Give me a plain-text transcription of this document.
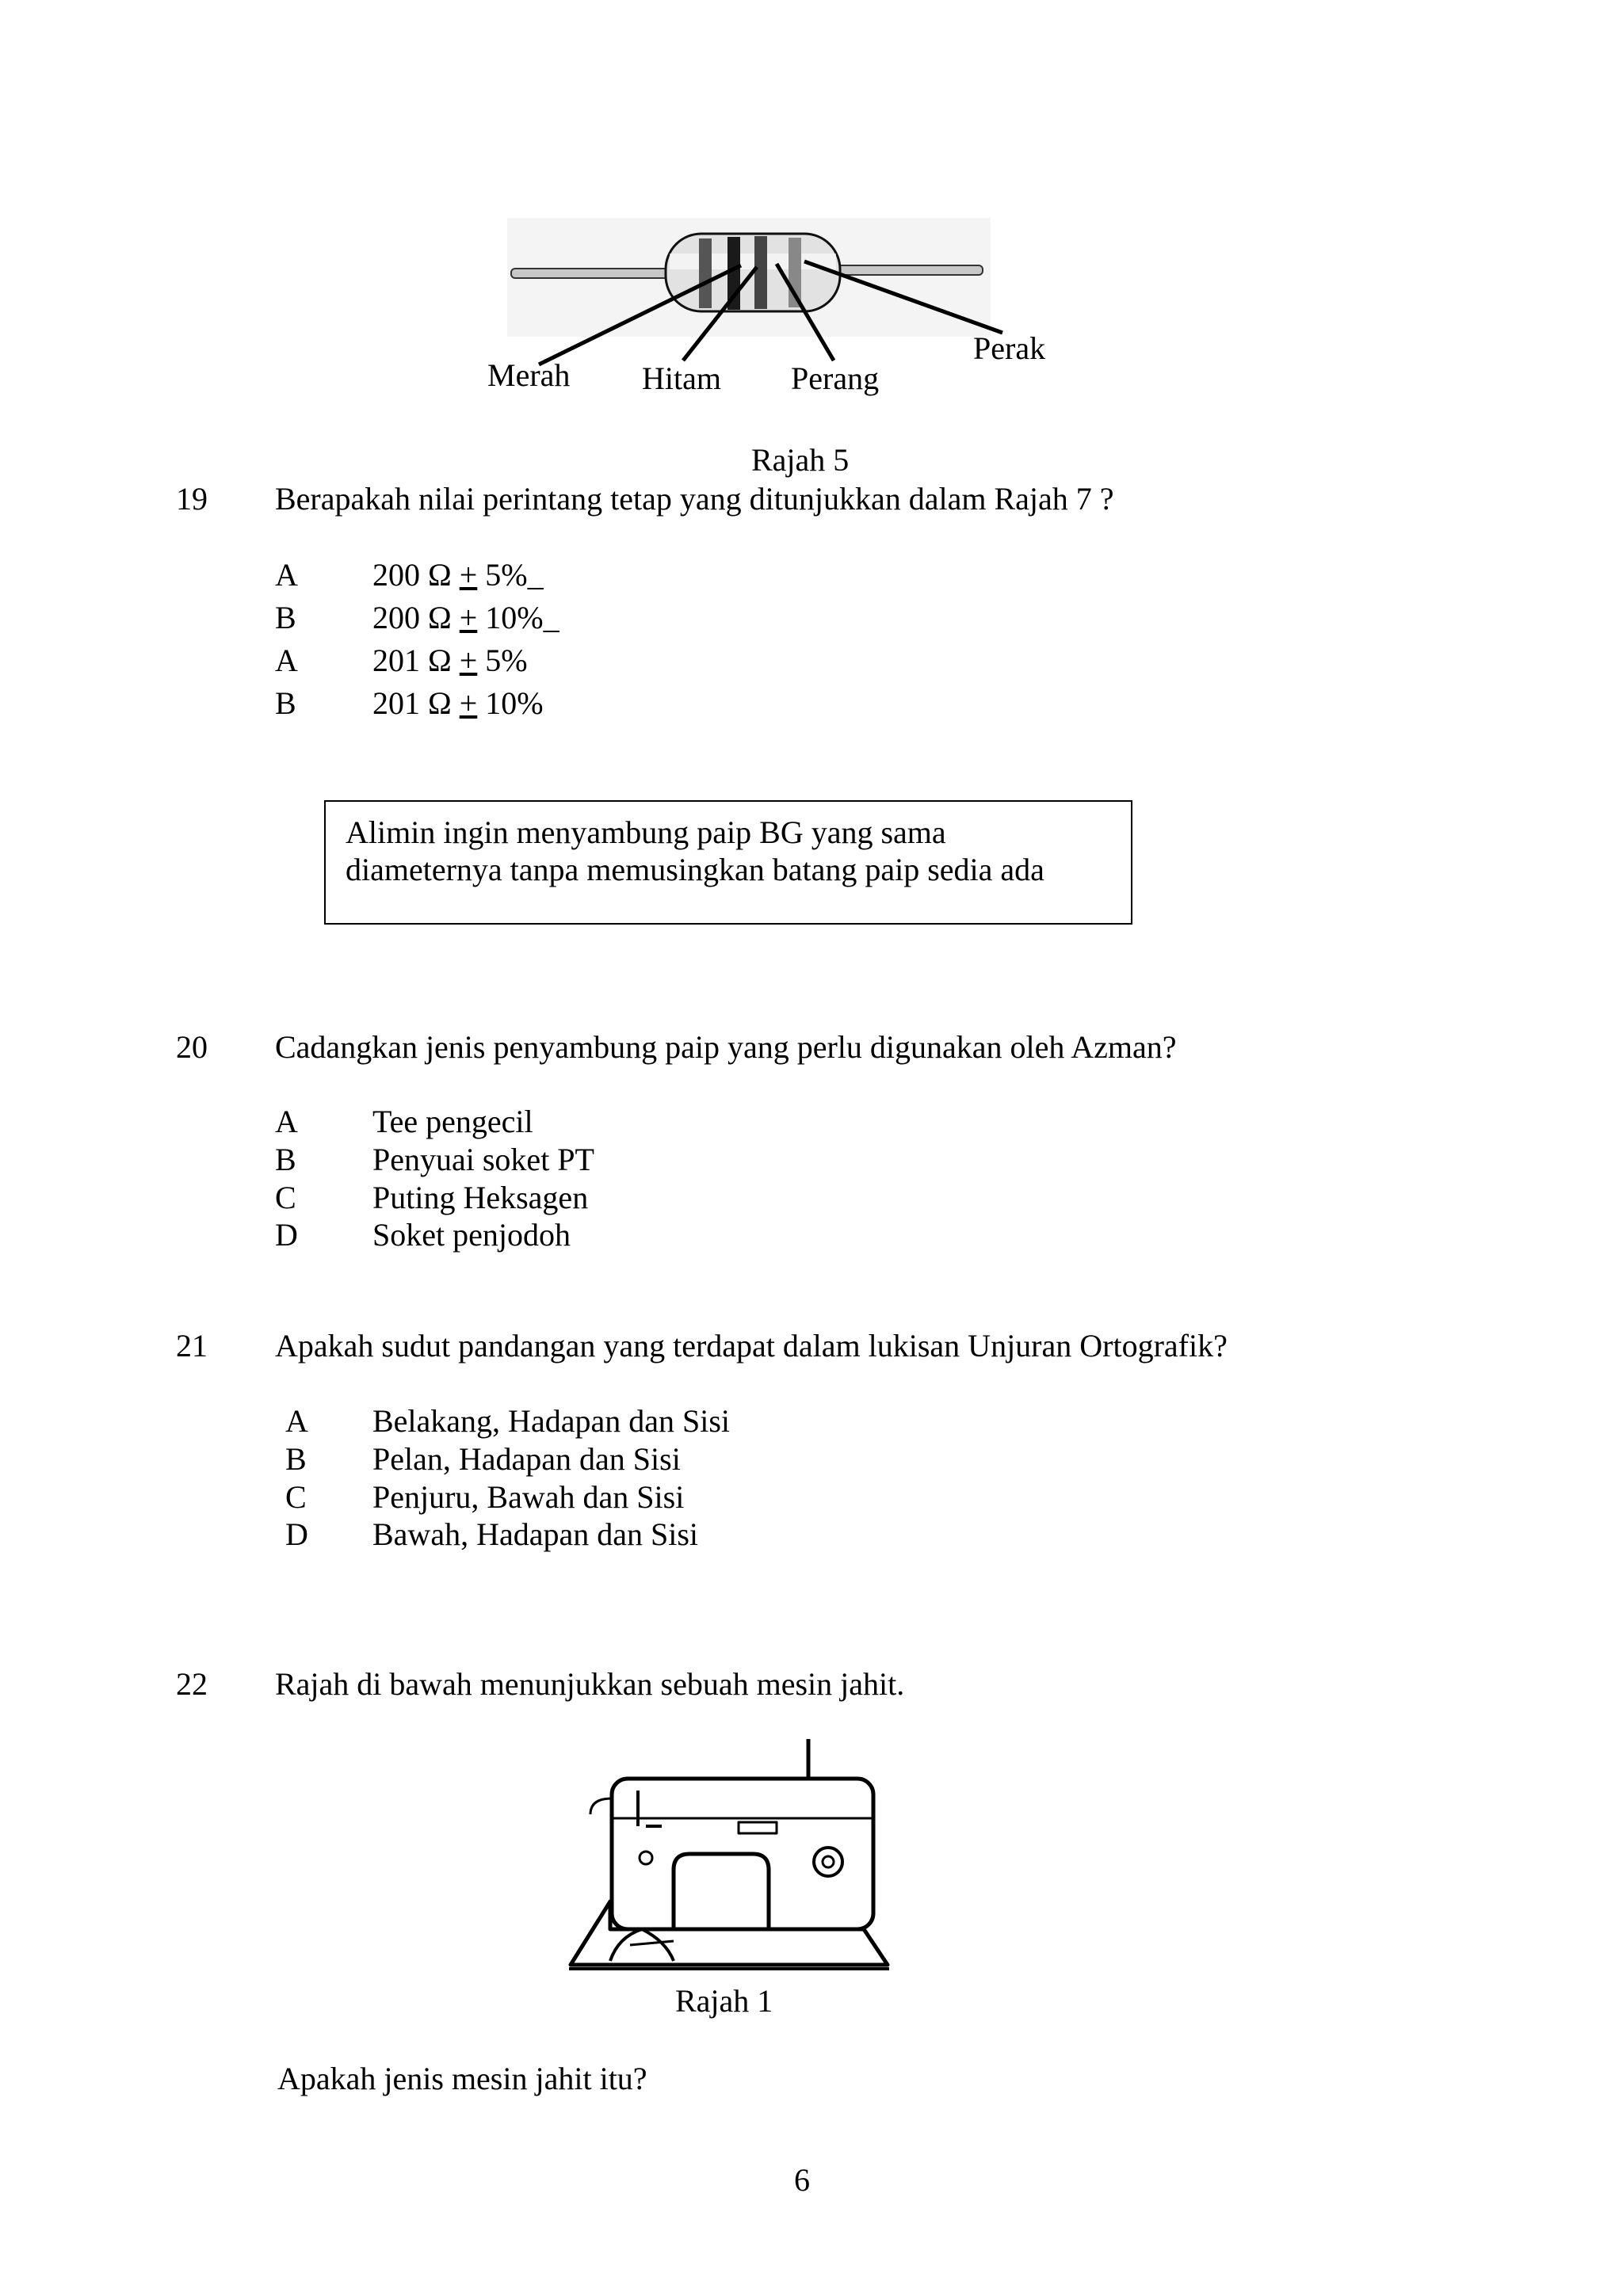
Merah Hitam Perang
Perak
Rajah 5
19 Berapakah nilai perintang tetap yang ditunjukkan dalam Rajah 7 ?
A 200 Ω + 5%_
B 200 Ω + 10%_
A 201 Ω + 5%
B 201 Ω + 10%
Alimin ingin menyambung paip BG yang sama
diameternya tanpa memusingkan batang paip sedia ada
20 Cadangkan jenis penyambung paip yang perlu digunakan oleh Azman?
A Tee pengecil
B Penyuai soket PT
C Puting Heksagen
D Soket penjodoh
21 Apakah sudut pandangan yang terdapat dalam lukisan Unjuran Ortografik?
A Belakang, Hadapan dan Sisi
B Pelan, Hadapan dan Sisi
C Penjuru, Bawah dan Sisi
D Bawah, Hadapan dan Sisi
22 Rajah di bawah menunjukkan sebuah mesin jahit.
Rajah 1
Apakah jenis mesin jahit itu?
6
